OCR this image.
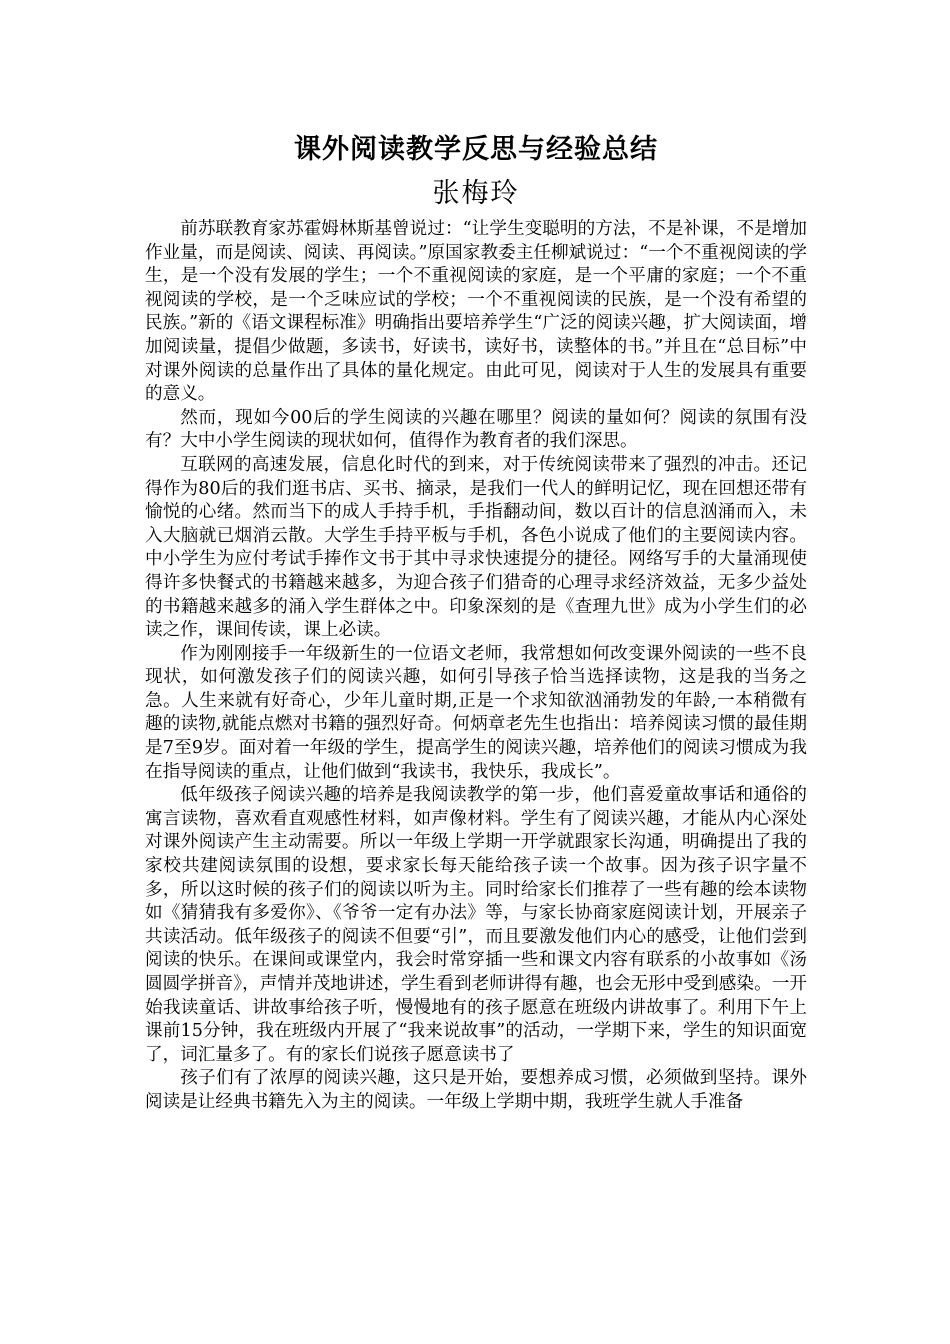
课外阅读教学反思与经验总结
张梅玲

前苏联教育家苏霍姆林斯基曾说过：“让学生变聪明的方法，不是补课，不是增加作业量，而是阅读、阅读、再阅读。”原国家教委主任柳斌说过：“一个不重视阅读的学生，是一个没有发展的学生；一个不重视阅读的家庭，是一个平庸的家庭；一个不重视阅读的学校，是一个乏味应试的学校；一个不重视阅读的民族，是一个没有希望的民族。”新的《语文课程标准》明确指出要培养学生“广泛的阅读兴趣，扩大阅读面，增加阅读量，提倡少做题，多读书，好读书，读好书，读整体的书。”并且在“总目标”中对课外阅读的总量作出了具体的量化规定。由此可见，阅读对于人生的发展具有重要的意义。

然而，现如今00后的学生阅读的兴趣在哪里？阅读的量如何？阅读的氛围有没有？大中小学生阅读的现状如何，值得作为教育者的我们深思。

互联网的高速发展，信息化时代的到来，对于传统阅读带来了强烈的冲击。还记得作为80后的我们逛书店、买书、摘录，是我们一代人的鲜明记忆，现在回想还带有愉悦的心绪。然而当下的成人手持手机，手指翻动间，数以百计的信息汹涌而入，未入大脑就已烟消云散。大学生手持平板与手机，各色小说成了他们的主要阅读内容。中小学生为应付考试手捧作文书于其中寻求快速提分的捷径。网络写手的大量涌现使得许多快餐式的书籍越来越多，为迎合孩子们猎奇的心理寻求经济效益，无多少益处的书籍越来越多的涌入学生群体之中。印象深刻的是《查理九世》成为小学生们的必读之作，课间传读，课上必读。

作为刚刚接手一年级新生的一位语文老师，我常想如何改变课外阅读的一些不良现状，如何激发孩子们的阅读兴趣，如何引导孩子恰当选择读物，这是我的当务之急。人生来就有好奇心，少年儿童时期,正是一个求知欲汹涌勃发的年龄,一本稍微有趣的读物,就能点燃对书籍的强烈好奇。何炳章老先生也指出：培养阅读习惯的最佳期是7至9岁。面对着一年级的学生，提高学生的阅读兴趣，培养他们的阅读习惯成为我在指导阅读的重点，让他们做到“我读书，我快乐，我成长”。

低年级孩子阅读兴趣的培养是我阅读教学的第一步，他们喜爱童故事话和通俗的寓言读物，喜欢看直观感性材料，如声像材料。学生有了阅读兴趣，才能从内心深处对课外阅读产生主动需要。所以一年级上学期一开学就跟家长沟通，明确提出了我的家校共建阅读氛围的设想，要求家长每天能给孩子读一个故事。因为孩子识字量不多，所以这时候的孩子们的阅读以听为主。同时给家长们推荐了一些有趣的绘本读物如《猜猜我有多爱你》、《爷爷一定有办法》等，与家长协商家庭阅读计划，开展亲子共读活动。低年级孩子的阅读不但要“引”，而且要激发他们内心的感受，让他们尝到阅读的快乐。在课间或课堂内，我会时常穿插一些和课文内容有联系的小故事如《汤圆圆学拼音》，声情并茂地讲述，学生看到老师讲得有趣，也会无形中受到感染。一开始我读童话、讲故事给孩子听，慢慢地有的孩子愿意在班级内讲故事了。利用下午上课前15分钟，我在班级内开展了“我来说故事”的活动，一学期下来，学生的知识面宽了，词汇量多了。有的家长们说孩子愿意读书了

孩子们有了浓厚的阅读兴趣，这只是开始，要想养成习惯，必须做到坚持。课外阅读是让经典书籍先入为主的阅读。一年级上学期中期，我班学生就人手准备
